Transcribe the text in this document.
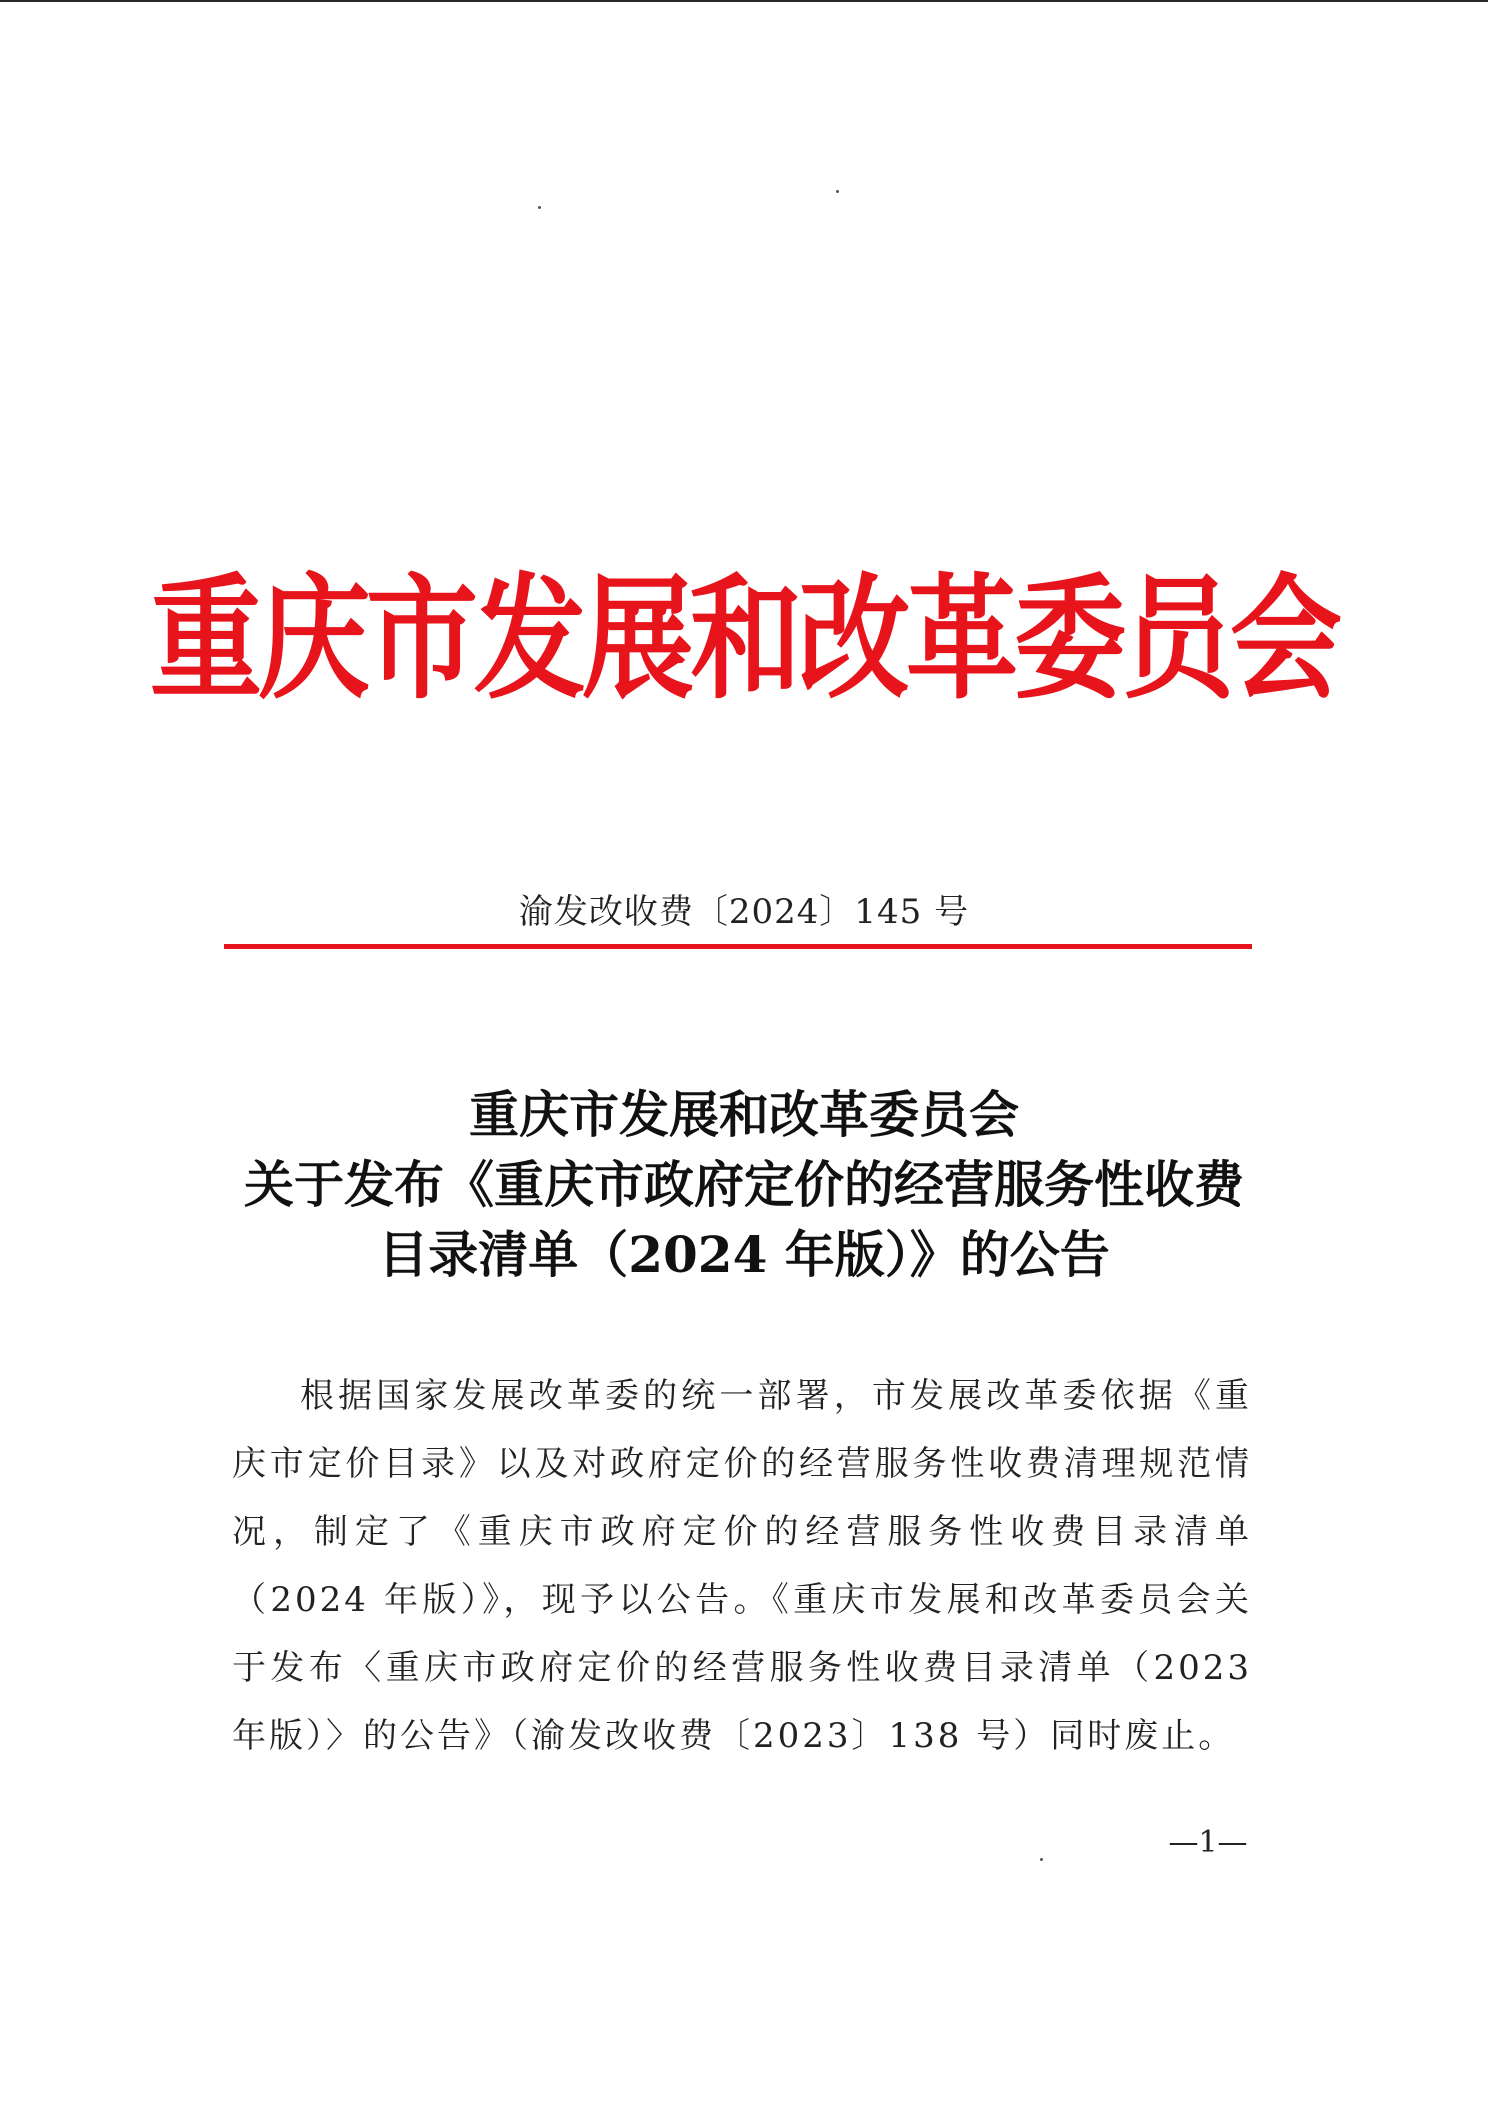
重庆市发展和改革委员会
渝发改收费〔2024〕145 号
重庆市发展和改革委员会
关于发布《重庆市政府定价的经营服务性收费
目录清单（2024 年版）》的公告
根据国家发展改革委的统一部署，市发展改革委依据《重庆市定价目录》以及对政府定价的经营服务性收费清理规范情况，制定了《重庆市政府定价的经营服务性收费目录清单（2024 年版）》，现予以公告。《重庆市发展和改革委员会关于发布〈重庆市政府定价的经营服务性收费目录清单（2023 年版）〉的公告》（渝发改收费〔2023〕138 号）同时废止。
—1—
